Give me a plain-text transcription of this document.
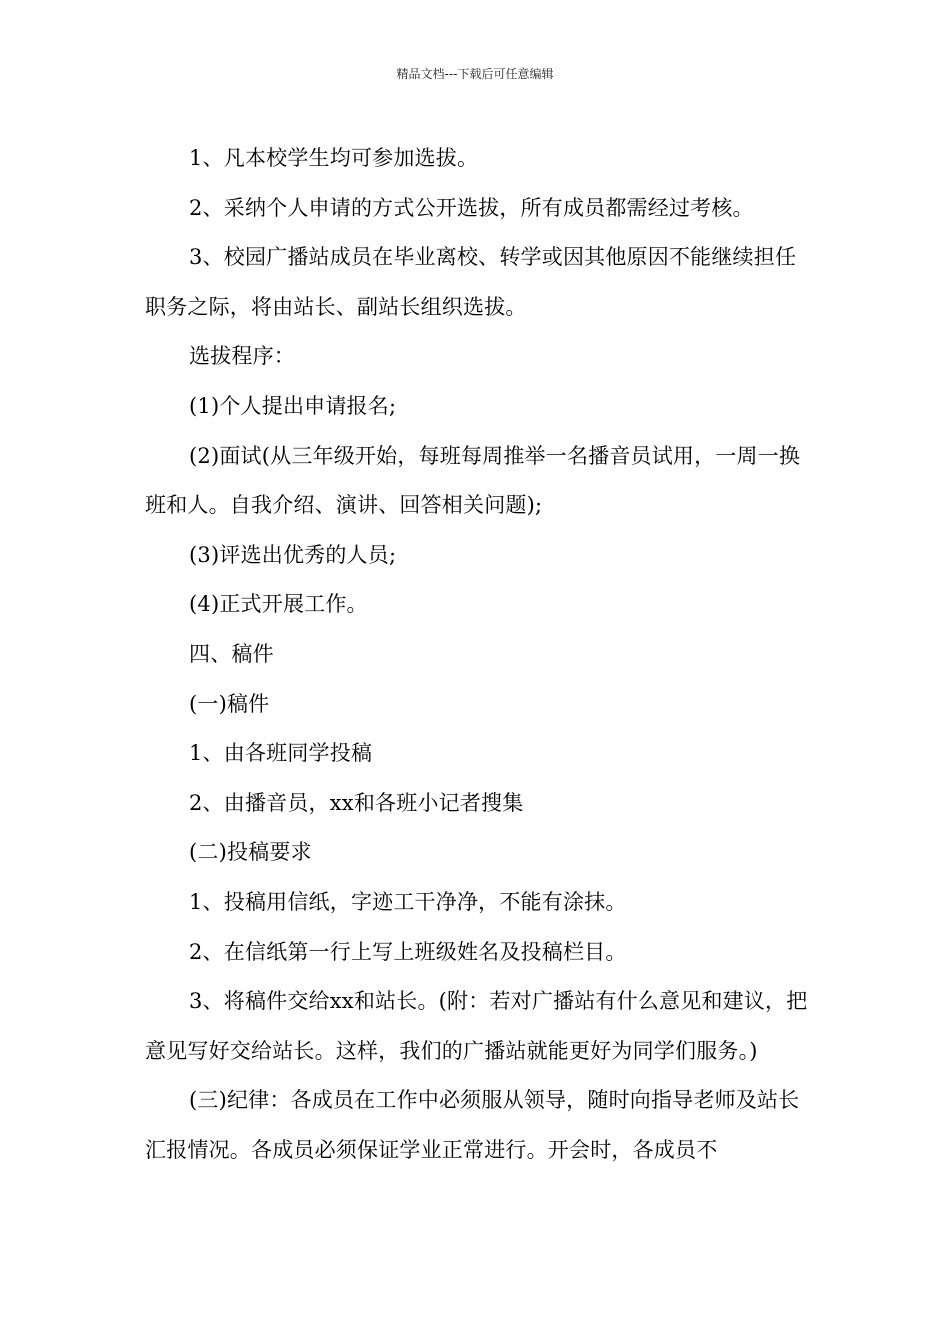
精品文档---下载后可任意编辑

1、凡本校学生均可参加选拔。

2、采纳个人申请的方式公开选拔，所有成员都需经过考核。

3、校园广播站成员在毕业离校、转学或因其他原因不能继续担任职务之际，将由站长、副站长组织选拔。

选拔程序：

(1)个人提出申请报名;

(2)面试(从三年级开始，每班每周推举一名播音员试用，一周一换班和人。自我介绍、演讲、回答相关问题);

(3)评选出优秀的人员;

(4)正式开展工作。

四、稿件

(一)稿件

1、由各班同学投稿

2、由播音员，xx和各班小记者搜集

(二)投稿要求

1、投稿用信纸，字迹工干净净，不能有涂抹。

2、在信纸第一行上写上班级姓名及投稿栏目。

3、将稿件交给xx和站长。(附：若对广播站有什么意见和建议，把意见写好交给站长。这样，我们的广播站就能更好为同学们服务。)

(三)纪律：各成员在工作中必须服从领导，随时向指导老师及站长汇报情况。各成员必须保证学业正常进行。开会时，各成员不
